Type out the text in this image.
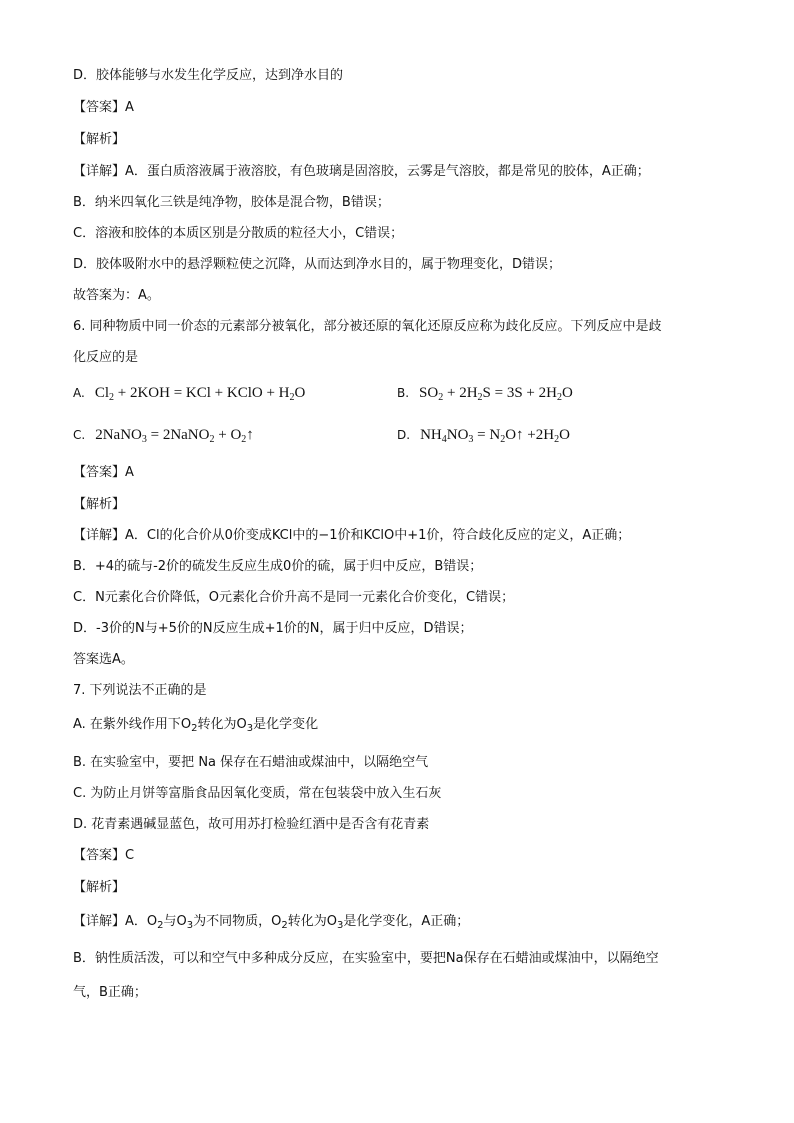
D．胶体能够与水发生化学反应，达到净水目的
【答案】A
【解析】
【详解】A．蛋白质溶液属于液溶胶，有色玻璃是固溶胶，云雾是气溶胶，都是常见的胶体，A正确；
B．纳米四氧化三铁是纯净物，胶体是混合物，B错误；
C．溶液和胶体的本质区别是分散质的粒径大小，C错误；
D．胶体吸附水中的悬浮颗粒使之沉降，从而达到净水目的，属于物理变化，D错误；
故答案为：A。
6. 同种物质中同一价态的元素部分被氧化，部分被还原的氧化还原反应称为歧化反应。下列反应中是歧
化反应的是
A. $Cl_2 + 2KOH$ = KCl + KClO + $H_2O$	B. $SO_2 + 2H_2S = 3S + 2H_2O$
C. 2NaNO$_3$ = 2NaNO$_2$ + $O_2↑$	D. $NH_4NO_3$ = $N_2O↑ +2H_2O$
【答案】A
【解析】
【详解】A．Cl的化合价从0价变成KCl中的−1价和KClO中+1价，符合歧化反应的定义，A正确；
B．+4的硫与-2价的硫发生反应生成0价的硫，属于归中反应，B错误；
C．N元素化合价降低，O元素化合价升高不是同一元素化合价变化，C错误；
D．-3价的N与+5价的N反应生成+1价的N，属于归中反应，D错误；
答案选A。
7. 下列说法不正确的是
A. 在紫外线作用下$O_2$转化为$O_3$是化学变化
B. 在实验室中，要把 Na 保存在石蜡油或煤油中，以隔绝空气
C. 为防止月饼等富脂食品因氧化变质，常在包装袋中放入生石灰
D. 花青素遇碱显蓝色，故可用苏打检验红酒中是否含有花青素
【答案】C
【解析】
【详解】A．$O_2$与$O_3$为不同物质，$O_2$转化为$O_3$是化学变化，A正确；
B．钠性质活泼，可以和空气中多种成分反应，在实验室中，要把Na保存在石蜡油或煤油中，以隔绝空
气，B正确；
